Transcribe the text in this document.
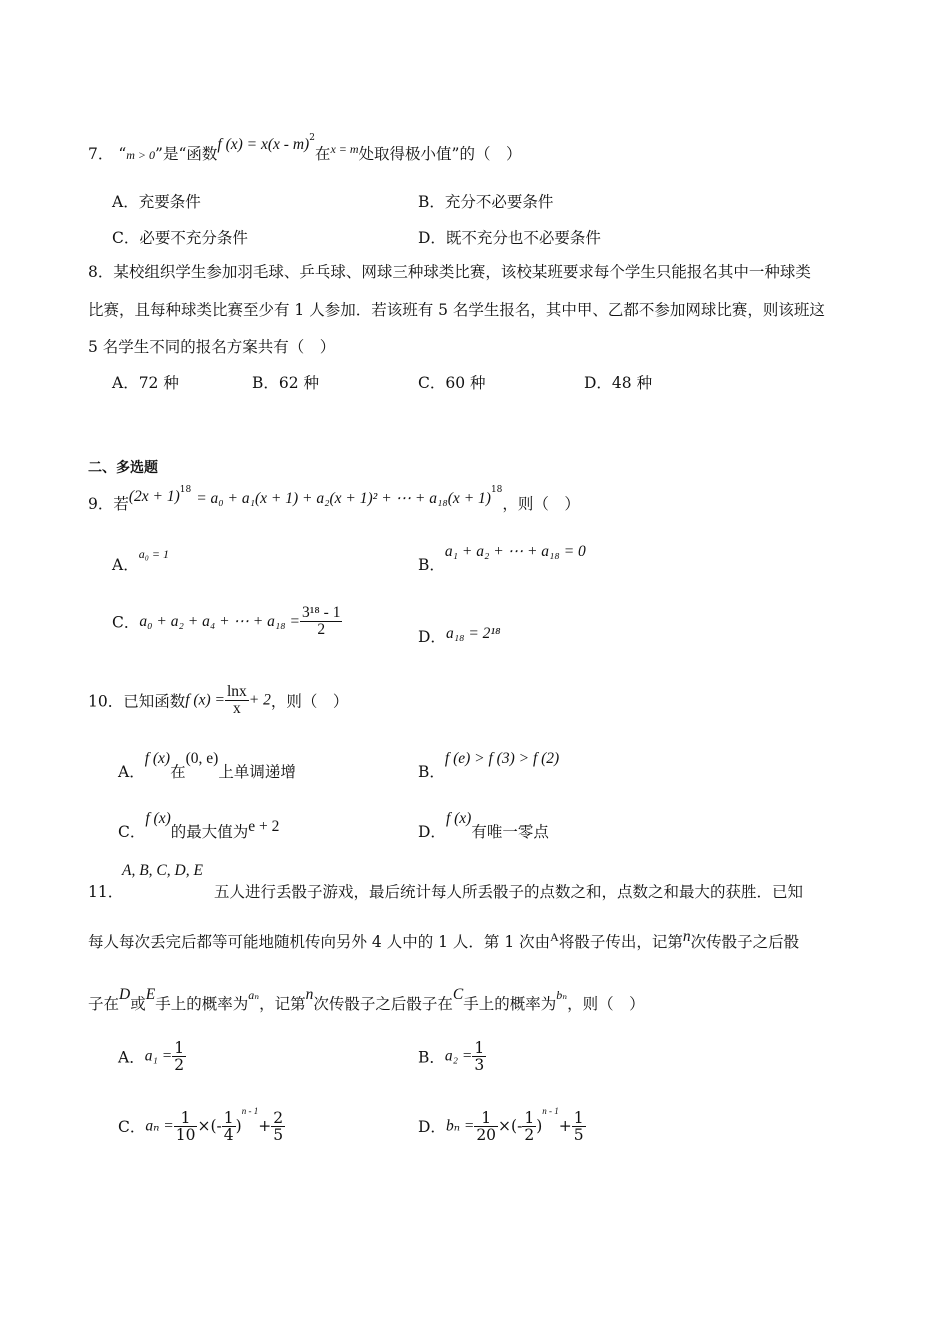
7． “m > 0”是“函数f (x) = x(x - m)$^2$在$^{x = m}$处取得极小值”的（　）
A．充要条件	B．充分不必要条件
C．必要不充分条件	D．既不充分也不必要条件
8．某校组织学生参加羽毛球、乒乓球、网球三种球类比赛，该校某班要求每个学生只能报名其中一种球类
比赛，且每种球类比赛至少有 1 人参加．若该班有 5 名学生报名，其中甲、乙都不参加网球比赛，则该班这
5 名学生不同的报名方案共有（　）
A．72 种	B．62 种	C．60 种	D．48 种
二、多选题
9．若$(2x + 1)^{18} = a_0 + a_1(x + 1) + a_2(x + 1)^2$ + ⋯ + $a_{18}(x + 1)^{18}$，则（　）
A．$^{a_0 = 1}$
B．a₁ + a₂ + ⋯ + a₁₈ = 0
C．a₀ + a₂ + a₄ + ⋯ + $a_{18} = \frac{\text{3¹⁸ - 1}}{2}$	D．a₁₈ = 2¹⁸
10．已知函数f $(x) = \frac{\ln x}{x} + 2$，则（　）
A．f (x)在(0, e)上单调递增	B．f (e) > f (3) > f (2)
C．f (x)的最大值为e + 2	D．f (x)有唯一零点
11．
A, B, C, D, E
五人进行丢骰子游戏，最后统计每人所丢骰子的点数之和，点数之和最大的获胜．已知
每人每次丢完后都等可能地随机传向另外 4 人中的 1 人．第 1 次由$^A$将骰子传出，记第n次传骰子之后骰
子在D或E手上的概率为$^{a_n}$，记第n次传骰子之后骰子在C手上的概率为$^{b_n}$，则（　）
A．$a_1 = \frac{1}{2}$	B．$a_2 = \frac{1}{3}$
C．$a_n = \frac{1}{10}$ ×(- $\frac{1}{4} )^{n - 1}+ \frac{2}{5}$	D．$b_n = \frac{1}{20}$ ×(- $\frac{1}{2} )^{n - 1}+ \frac{1}{5}$
